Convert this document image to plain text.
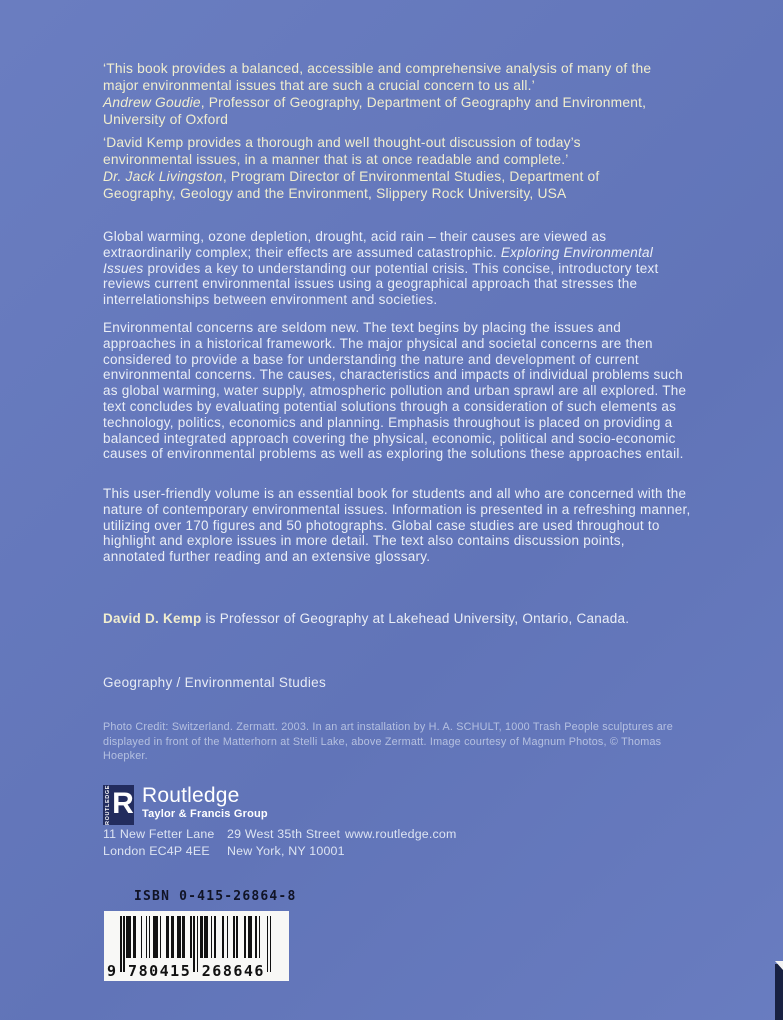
‘This book provides a balanced, accessible and comprehensive analysis of many of the major environmental issues that are such a crucial concern to us all.’
Andrew Goudie, Professor of Geography, Department of Geography and Environment, University of Oxford
‘David Kemp provides a thorough and well thought-out discussion of today’s environmental issues, in a manner that is at once readable and complete.’
Dr. Jack Livingston, Program Director of Environmental Studies, Department of Geography, Geology and the Environment, Slippery Rock University, USA
Global warming, ozone depletion, drought, acid rain – their causes are viewed as extraordinarily complex; their effects are assumed catastrophic. Exploring Environmental Issues provides a key to understanding our potential crisis. This concise, introductory text reviews current environmental issues using a geographical approach that stresses the interrelationships between environment and societies.
Environmental concerns are seldom new. The text begins by placing the issues and approaches in a historical framework. The major physical and societal concerns are then considered to provide a base for understanding the nature and development of current environmental concerns. The causes, characteristics and impacts of individual problems such as global warming, water supply, atmospheric pollution and urban sprawl are all explored. The text concludes by evaluating potential solutions through a consideration of such elements as technology, politics, economics and planning. Emphasis throughout is placed on providing a balanced integrated approach covering the physical, economic, political and socio-economic causes of environmental problems as well as exploring the solutions these approaches entail.
This user-friendly volume is an essential book for students and all who are concerned with the nature of contemporary environmental issues. Information is presented in a refreshing manner, utilizing over 170 figures and 50 photographs. Global case studies are used throughout to highlight and explore issues in more detail. The text also contains discussion points, annotated further reading and an extensive glossary.
David D. Kemp is Professor of Geography at Lakehead University, Ontario, Canada.
Geography / Environmental Studies
Photo Credit: Switzerland. Zermatt. 2003. In an art installation by H. A. SCHULT, 1000 Trash People sculptures are displayed in front of the Matterhorn at Stelli Lake, above Zermatt. Image courtesy of Magnum Photos, © Thomas Hoepker.
ROUTLEDGE R Routledge
Taylor & Francis Group
11 New Fetter Lane
London EC4P 4EE
29 West 35th Street
New York, NY 10001
www.routledge.com
ISBN 0-415-26864-8
9 780415 268646
